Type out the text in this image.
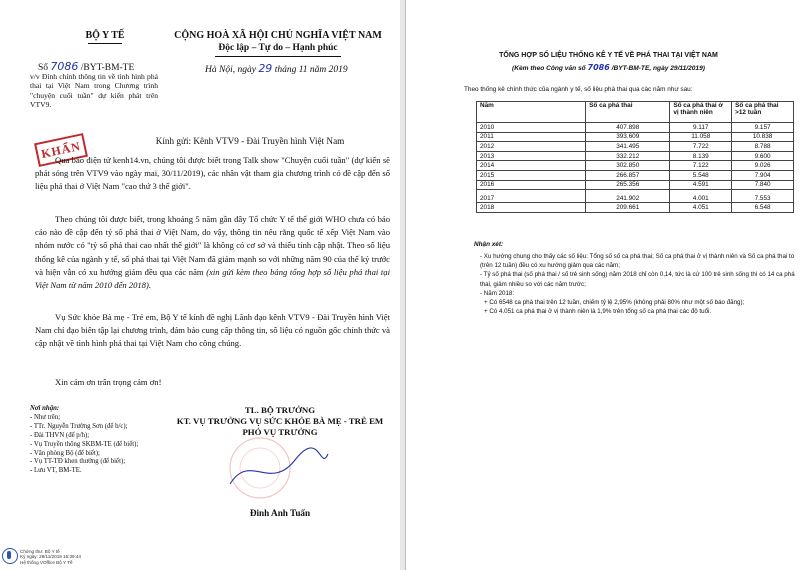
BỘ Y TẾ	CỘNG HOÀ XÃ HỘI CHỦ NGHĨA VIỆT NAM
Độc lập – Tự do – Hạnh phúc
Số 7086 /BYT-BM-TE	Hà Nội, ngày 29 tháng 11 năm 2019
v/v Đính chính thông tin về tình hình phá thai tại Việt Nam trong Chương trình "chuyện cuối tuần" dự kiến phát trên VTV9.
KHẨN	Kính gửi: Kênh VTV9 - Đài Truyền hình Việt Nam
Qua báo điện tử kenh14.vn, chúng tôi được biết trong Talk show "Chuyện cuối tuần" (dự kiến sẽ phát sóng trên VTV9 vào ngày mai, 30/11/2019), các nhân vật tham gia chương trình có đề cập đến số liệu phá thai ở Việt Nam "cao thứ 3 thế giới".
Theo chúng tôi được biết, trong khoảng 5 năm gần đây Tổ chức Y tế thế giới WHO chưa có báo cáo nào đề cập đến tỷ số phá thai ở Việt Nam, do vậy, thông tin nêu rằng quốc tế xếp Việt Nam vào nhóm nước có "tỷ số phá thai cao nhất thế giới" là không có cơ sở và thiếu tính cập nhật. Theo số liệu thống kê của ngành y tế, số phá thai tại Việt Nam đã giảm mạnh so với những năm 90 của thế kỷ trước và hiện vẫn có xu hướng giảm đều qua các năm (xin gửi kèm theo bảng tổng hợp số liệu phá thai tại Việt Nam từ năm 2010 đến 2018).
Vụ Sức khỏe Bà mẹ - Trẻ em, Bộ Y tế kính đề nghị Lãnh đạo kênh VTV9 - Đài Truyền hình Việt Nam chỉ đạo biên tập lại chương trình, đảm bảo cung cấp thông tin, số liệu có nguồn gốc chính thức và cập nhật về tình hình phá thai tại Việt Nam cho công chúng.
Xin cảm ơn trân trọng cảm ơn!
Nơi nhận:
- Như trên;
- TTr. Nguyễn Trường Sơn (để b/c);
- Đài THVN (để p/h);
- Vụ Truyền thông SKBM-TE (để biết);
- Văn phòng Bộ (để biết);
- Vụ TT-TĐ khen thưởng (để biết);
- Lưu VT, BM-TE.
TL. BỘ TRƯỞNG
KT. VỤ TRƯỞNG VỤ SỨC KHỎE BÀ MẸ - TRẺ EM
PHÓ VỤ TRƯỞNG
Đinh Anh Tuấn
Chứng thư: Bộ Y tế
Ký ngày: 29/11/2019 15:39:44
Hệ thống VOffice Bộ Y Tế
TỔNG HỢP SỐ LIỆU THỐNG KÊ Y TẾ VỀ PHÁ THAI TẠI VIỆT NAM
(Kèm theo Công văn số 7086 /BYT-BM-TE, ngày 29/11/2019)
Theo thống kê chính thức của ngành y tế, số liệu phá thai qua các năm như sau:
Năm	Số ca phá thai	Số ca phá thai ở vị thành niên	Số ca phá thai >12 tuần
2010	407.898	9.117	9.157
2011	393.609	11.058	10.838
2012	341.495	7.722	8.788
2013	332.212	8.139	9.600
2014	302.850	7.122	9.026
2015	266.857	5.548	7.904
2016	265.356	4.591	7.840
2017	241.902	4.001	7.553
2018	209.661	4.051	6.548
Nhận xét:
- Xu hướng chung cho thấy các số liệu: Tổng số số ca phá thai; Số ca phá thai ở vị thành niên và Số ca phá thai to (trên 12 tuần) đều có xu hướng giảm qua các năm;
- Tỷ số phá thai (số phá thai / số trẻ sinh sống) năm 2018 chỉ còn 0,14, tức là cứ 100 trẻ sinh sống thì có 14 ca phá thai, giảm nhiều so với các năm trước;
- Năm 2018:
+ Có 6548 ca phá thai trên 12 tuần, chiếm tỷ lệ 2,95% (không phải 80% như một số báo đăng);
+ Có 4.051 ca phá thai ở vị thành niên là 1,9% trên tổng số ca phá thai các độ tuổi.
